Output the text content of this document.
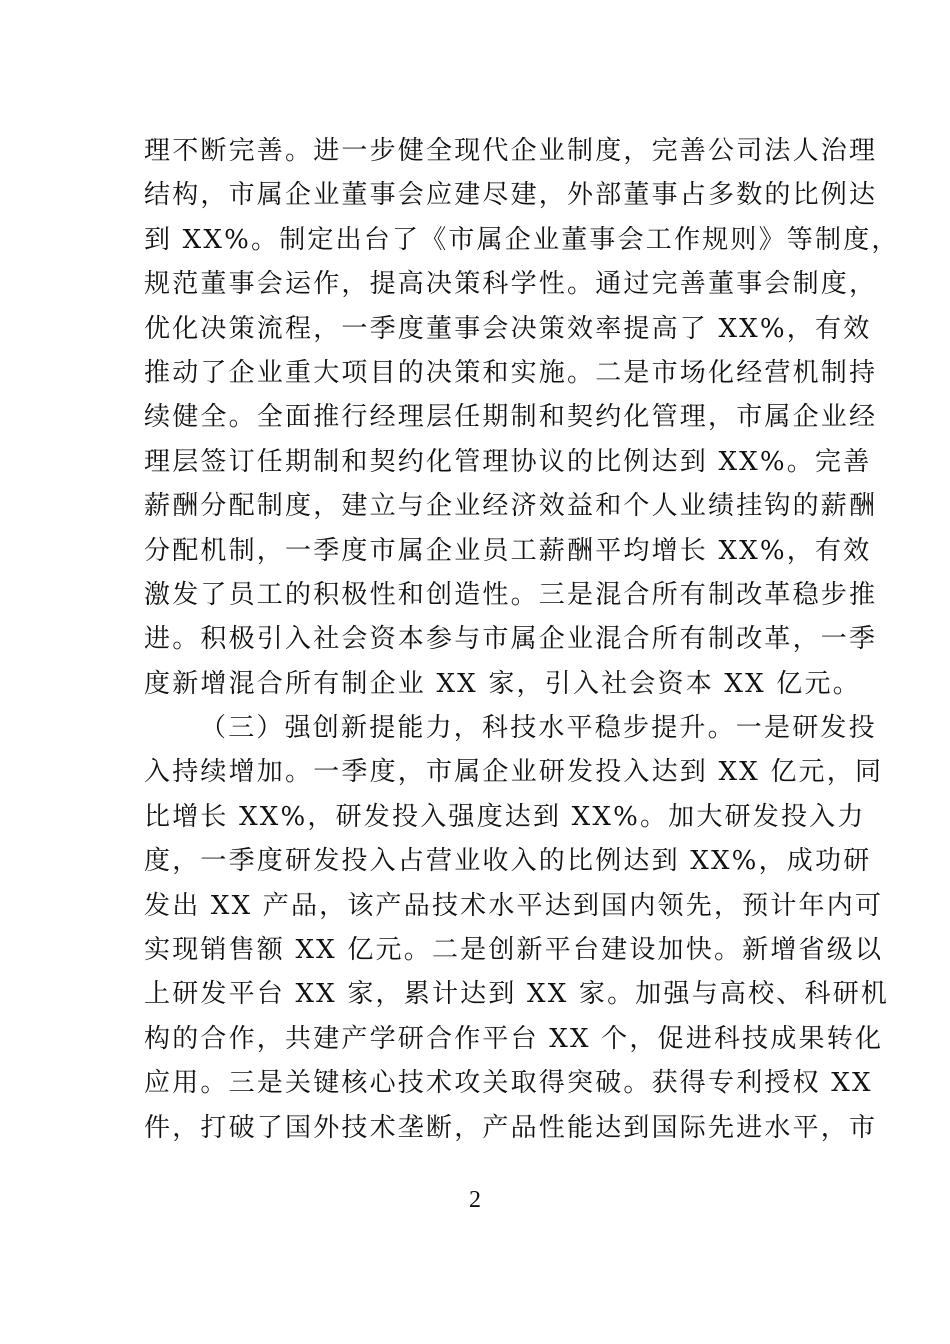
理不断完善。进一步健全现代企业制度，完善公司法人治理
结构，市属企业董事会应建尽建，外部董事占多数的比例达
到 XX%。制定出台了《市属企业董事会工作规则》等制度，
规范董事会运作，提高决策科学性。通过完善董事会制度，
优化决策流程，一季度董事会决策效率提高了 XX%，有效
推动了企业重大项目的决策和实施。二是市场化经营机制持
续健全。全面推行经理层任期制和契约化管理，市属企业经
理层签订任期制和契约化管理协议的比例达到 XX%。完善
薪酬分配制度，建立与企业经济效益和个人业绩挂钩的薪酬
分配机制，一季度市属企业员工薪酬平均增长 XX%，有效
激发了员工的积极性和创造性。三是混合所有制改革稳步推
进。积极引入社会资本参与市属企业混合所有制改革，一季
度新增混合所有制企业 XX 家，引入社会资本 XX 亿元。
（三）强创新提能力，科技水平稳步提升。一是研发投
入持续增加。一季度，市属企业研发投入达到 XX 亿元，同
比增长 XX%，研发投入强度达到 XX%。加大研发投入力
度，一季度研发投入占营业收入的比例达到 XX%，成功研
发出 XX 产品，该产品技术水平达到国内领先，预计年内可
实现销售额 XX 亿元。二是创新平台建设加快。新增省级以
上研发平台 XX 家，累计达到 XX 家。加强与高校、科研机
构的合作，共建产学研合作平台 XX 个，促进科技成果转化
应用。三是关键核心技术攻关取得突破。获得专利授权 XX
件，打破了国外技术垄断，产品性能达到国际先进水平，市
2
